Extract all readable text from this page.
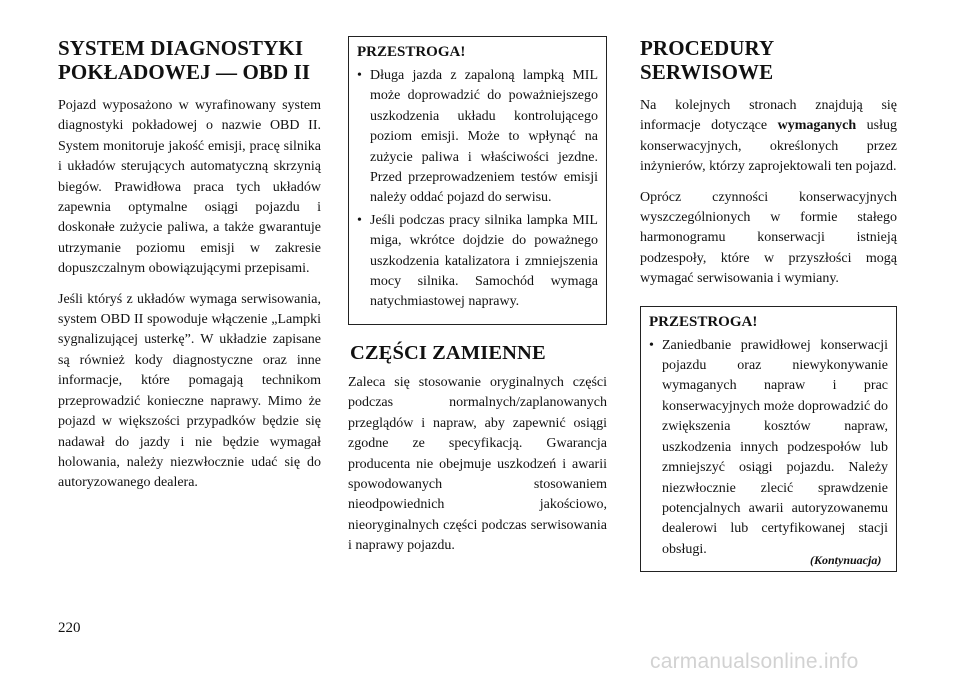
SYSTEM DIAGNOSTYKI
POKŁADOWEJ — OBD II

Pojazd wyposażono w wyrafinowany system diagnostyki pokładowej o nazwie OBD II. System monitoruje jakość emisji, pracę silnika i układów sterujących automatyczną skrzynią biegów. Prawidłowa praca tych układów zapewnia optymalne osiągi pojazdu i doskonałe zużycie paliwa, a także gwarantuje utrzymanie poziomu emisji w zakresie dopuszczalnym obowiązującymi przepisami.

Jeśli któryś z układów wymaga serwisowania, system OBD II spowoduje włączenie „Lampki sygnalizującej usterkę”. W układzie zapisane są również kody diagnostyczne oraz inne informacje, które pomagają technikom przeprowadzić konieczne naprawy. Mimo że pojazd w większości przypadków będzie się nadawał do jazdy i nie będzie wymagał holowania, należy niezwłocznie udać się do autoryzowanego dealera.

PRZESTROGA!
• Długa jazda z zapaloną lampką MIL może doprowadzić do poważniejszego uszkodzenia układu kontrolującego poziom emisji. Może to wpłynąć na zużycie paliwa i właściwości jezdne. Przed przeprowadzeniem testów emisji należy oddać pojazd do serwisu.
• Jeśli podczas pracy silnika lampka MIL miga, wkrótce dojdzie do poważnego uszkodzenia katalizatora i zmniejszenia mocy silnika. Samochód wymaga natychmiastowej naprawy.
CZĘŚCI ZAMIENNE

Zaleca się stosowanie oryginalnych części podczas normalnych/zaplanowanych przeglądów i napraw, aby zapewnić osiągi zgodne ze specyfikacją. Gwarancja producenta nie obejmuje uszkodzeń i awarii spowodowanych stosowaniem nieodpowiednich jakościowo, nieoryginalnych części podczas serwisowania i naprawy pojazdu.

PROCEDURY
SERWISOWE

Na kolejnych stronach znajdują się informacje dotyczące wymaganych usług konserwacyjnych, określonych przez inżynierów, którzy zaprojektowali ten pojazd.

Oprócz czynności konserwacyjnych wyszczególnionych w formie stałego harmonogramu konserwacji istnieją podzespoły, które w przyszłości mogą wymagać serwisowania i wymiany.

PRZESTROGA!
• Zaniedbanie prawidłowej konserwacji pojazdu oraz niewykonywanie wymaganych napraw i prac konserwacyjnych może doprowadzić do zwiększenia kosztów napraw, uszkodzenia innych podzespołów lub zmniejszyć osiągi pojazdu. Należy niezwłocznie zlecić sprawdzenie potencjalnych awarii autoryzowanemu dealerowi lub certyfikowanej stacji obsługi.
(Kontynuacja)
220
carmanualsonline.info
